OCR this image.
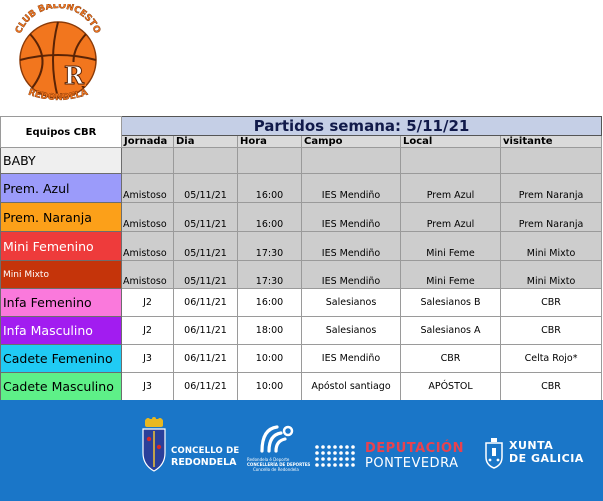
R
CLUB BALONCESTO
REDONDELA
Equipos CBR	Partidos semana: 5/11/21					
	Jornada	Dia	Hora	Campo	Local	visitante
BABY						
Prem. Azul	Amistoso	05/11/21	16:00	IES Mendiño	Prem Azul	Prem Naranja
Prem. Naranja	Amistoso	05/11/21	16:00	IES Mendiño	Prem Azul	Prem Naranja
Mini Femenino	Amistoso	05/11/21	17:30	IES Mendiño	Mini Feme	Mini Mixto
Mini Mixto	Amistoso	05/11/21	17:30	IES Mendiño	Mini Feme	Mini Mixto
Infa Femenino	J2	06/11/21	16:00	Salesianos	Salesianos B	CBR
Infa Masculino	J2	06/11/21	18:00	Salesianos	Salesianos A	CBR
Cadete Femenino	J3	06/11/21	10:00	IES Mendiño	CBR	Celta Rojo*
Cadete Masculino	J3	06/11/21	10:00	Apóstol santiago	APÓSTOL	CBR
CONCELLO DE
REDONDELA	Redondela é Deporte
CONCELLERÍA DE DEPORTES
Concello de Redondela
DEPUTACIÓN
PONTEVEDRA
XUNTA
DE GALICIA
